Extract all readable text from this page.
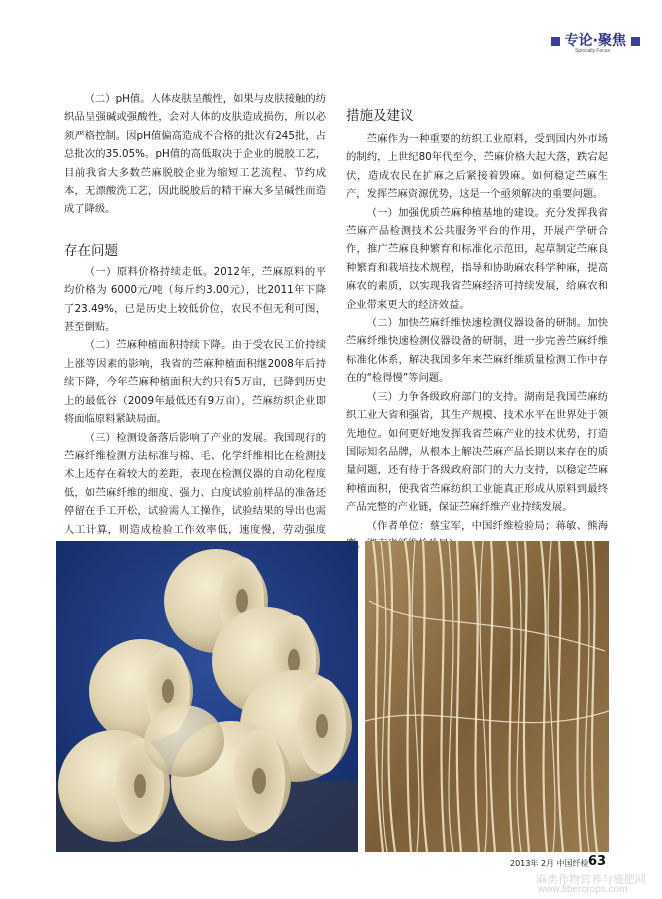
专论·聚焦
Specially Focus

（二）pH值。人体皮肤呈酸性，如果与皮肤接触的纺织品呈强碱或强酸性，会对人体的皮肤造成损伤，所以必须严格控制。因pH值偏高造成不合格的批次有245批，占总批次的35.05%。pH值的高低取决于企业的脱胶工艺，目前我省大多数苎麻脱胶企业为缩短工艺流程、节约成本，无漂酸洗工艺，因此脱胶后的精干麻大多呈碱性而造成了降级。

存在问题

（一）原料价格持续走低。2012年，苎麻原料的平均价格为 6000元/吨（每斤约3.00元），比2011年下降了23.49%，已是历史上较低价位，农民不但无利可图，甚至倒贴。

（二）苎麻种植面积持续下降。由于受农民工价持续上涨等因素的影响，我省的苎麻种植面积继2008年后持续下降，今年苎麻种植面积大约只有5万亩，已降到历史上的最低谷（2009年最低还有9万亩），苎麻纺织企业即将面临原料紧缺局面。

（三）检测设备落后影响了产业的发展。我国现行的苎麻纤维检测方法标准与棉、毛、化学纤维相比在检测技术上还存在着较大的差距，表现在检测仪器的自动化程度低，如苎麻纤维的细度、强力、白度试验前样品的准备还停留在手工开松，试验需人工操作，试验结果的导出也需人工计算，则造成检验工作效率低，速度慢，劳动强度

措施及建议

苎麻作为一种重要的纺织工业原料，受到国内外市场的制约，上世纪80年代至今，苎麻价格大起大落，跌宕起伏，造成农民在扩麻之后紧接着毁麻。如何稳定苎麻生产，发挥苎麻资源优势，这是一个亟须解决的重要问题。

（一）加强优质苎麻种植基地的建设。充分发挥我省苎麻产品检测技术公共服务平台的作用，开展产学研合作，推广苎麻良种繁育和标准化示范田，起草制定苎麻良种繁育和栽培技术规程，指导和协助麻农科学种麻，提高麻农的素质，以实现我省苎麻经济可持续发展，给麻农和企业带来更大的经济效益。

（二）加快苎麻纤维快速检测仪器设备的研制。加快苎麻纤维快速检测仪器设备的研制，进一步完善苎麻纤维标准化体系，解决我国多年来苎麻纤维质量检测工作中存在的“检得慢”等问题。

（三）力争各级政府部门的支持。湖南是我国苎麻纺织工业大省和强省，其生产规模、技术水平在世界处于领先地位。如何更好地发挥我省苎麻产业的技术优势，打造国际知名品牌，从根本上解决苎麻产品长期以来存在的质量问题，还有待于各级政府部门的大力支持，以稳定苎麻种植面积，使我省苎麻纺织工业能真正形成从原料到最终产品完整的产业链，保证苎麻纤维产业持续发展。

（作者单位：蔡宝军，中国纤维检验局；蒋敏、熊海 ，

2013年 2月 中国纤检 63
麻类作物营养与施肥网
www.fibercrops.com
